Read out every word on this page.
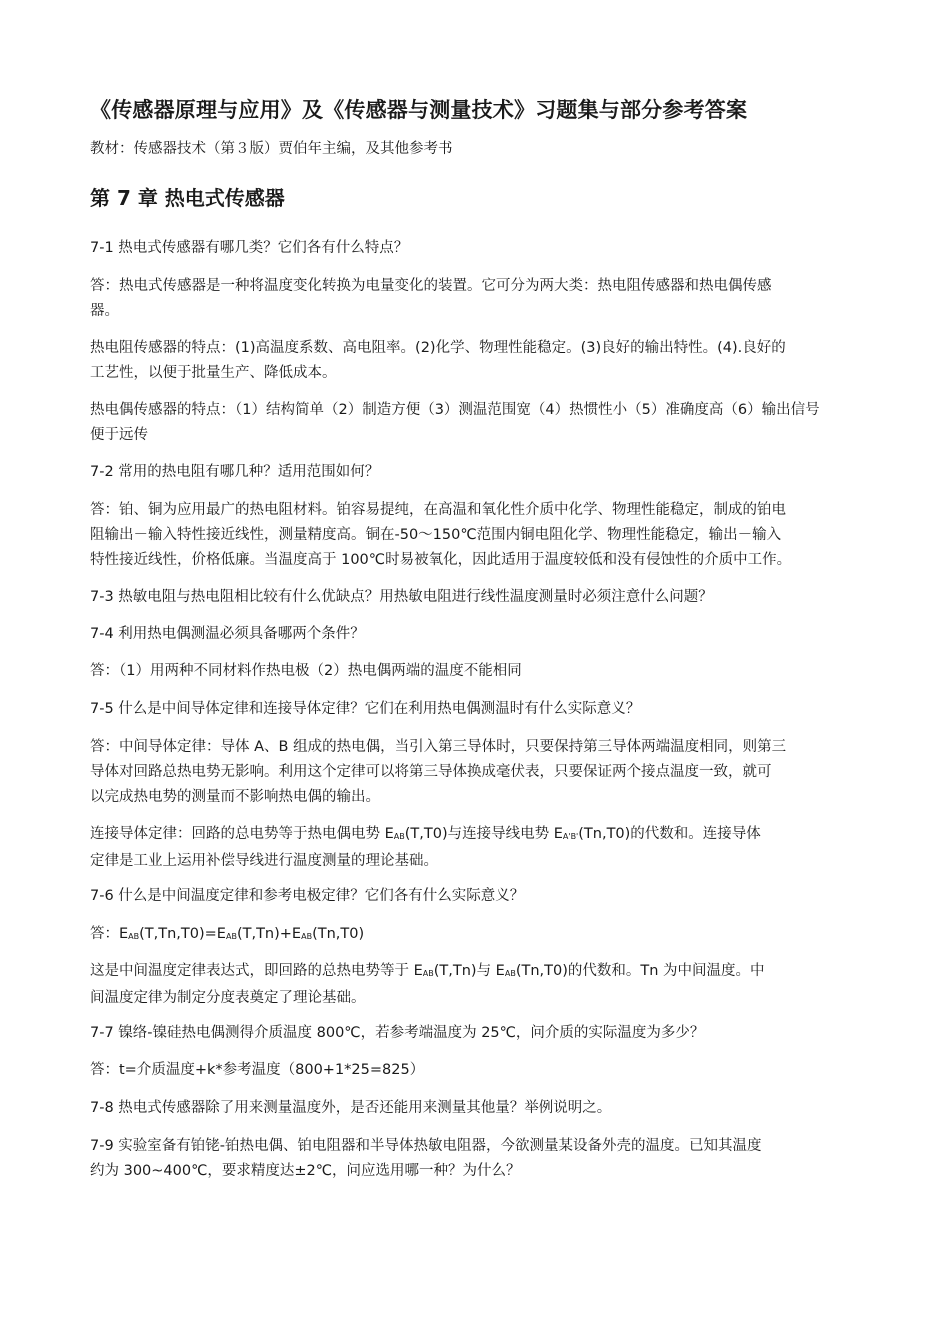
《传感器原理与应用》及《传感器与测量技术》习题集与部分参考答案
教材：传感器技术（第３版）贾伯年主编，及其他参考书
第 7 章 热电式传感器
7-1 热电式传感器有哪几类？它们各有什么特点？
答：热电式传感器是一种将温度变化转换为电量变化的装置。它可分为两大类：热电阻传感器和热电偶传感
器。
热电阻传感器的特点：(1)高温度系数、高电阻率。(2)化学、物理性能稳定。(3)良好的输出特性。(4).良好的
工艺性，以便于批量生产、降低成本。
热电偶传感器的特点：（1）结构简单（2）制造方便（3）测温范围宽（4）热惯性小（5）准确度高（6）输出信号
便于远传
7-2 常用的热电阻有哪几种？适用范围如何？
答：铂、铜为应用最广的热电阻材料。铂容易提纯，在高温和氧化性介质中化学、物理性能稳定，制成的铂电
阻输出－输入特性接近线性，测量精度高。铜在-50～150℃范围内铜电阻化学、物理性能稳定，输出－输入
特性接近线性，价格低廉。当温度高于 100℃时易被氧化，因此适用于温度较低和没有侵蚀性的介质中工作。
7-3 热敏电阻与热电阻相比较有什么优缺点？用热敏电阻进行线性温度测量时必须注意什么问题？
7-4 利用热电偶测温必须具备哪两个条件？
答：（1）用两种不同材料作热电极（2）热电偶两端的温度不能相同
7-5 什么是中间导体定律和连接导体定律？它们在利用热电偶测温时有什么实际意义？
答：中间导体定律：导体 A、B 组成的热电偶，当引入第三导体时，只要保持第三导体两端温度相同，则第三
导体对回路总热电势无影响。利用这个定律可以将第三导体换成毫伏表，只要保证两个接点温度一致，就可
以完成热电势的测量而不影响热电偶的输出。
连接导体定律：回路的总电势等于热电偶电势 $E_{AB}(T,T0)$与连接导线电势 $E_{A'B'}(Tn,T0)$的代数和。连接导体
定律是工业上运用补偿导线进行温度测量的理论基础。
7-6 什么是中间温度定律和参考电极定律？它们各有什么实际意义？
答：$E_{AB}(T,Tn,T0)=E_{AB}(T,Tn)+E_{AB}(Tn,T0)$
这是中间温度定律表达式，即回路的总热电势等于 $E_{AB}(T,Tn)$与 $E_{AB}(Tn,T0)$的代数和。Tn 为中间温度。中
间温度定律为制定分度表奠定了理论基础。
7-7 镍络-镍硅热电偶测得介质温度 800℃，若参考端温度为 25℃，问介质的实际温度为多少？
答：t=介质温度+k*参考温度（800+1*25=825）
7-8 热电式传感器除了用来测量温度外，是否还能用来测量其他量？举例说明之。
7-9 实验室备有铂铑-铂热电偶、铂电阻器和半导体热敏电阻器，今欲测量某设备外壳的温度。已知其温度
约为 300~400℃，要求精度达±2℃，问应选用哪一种？为什么？
